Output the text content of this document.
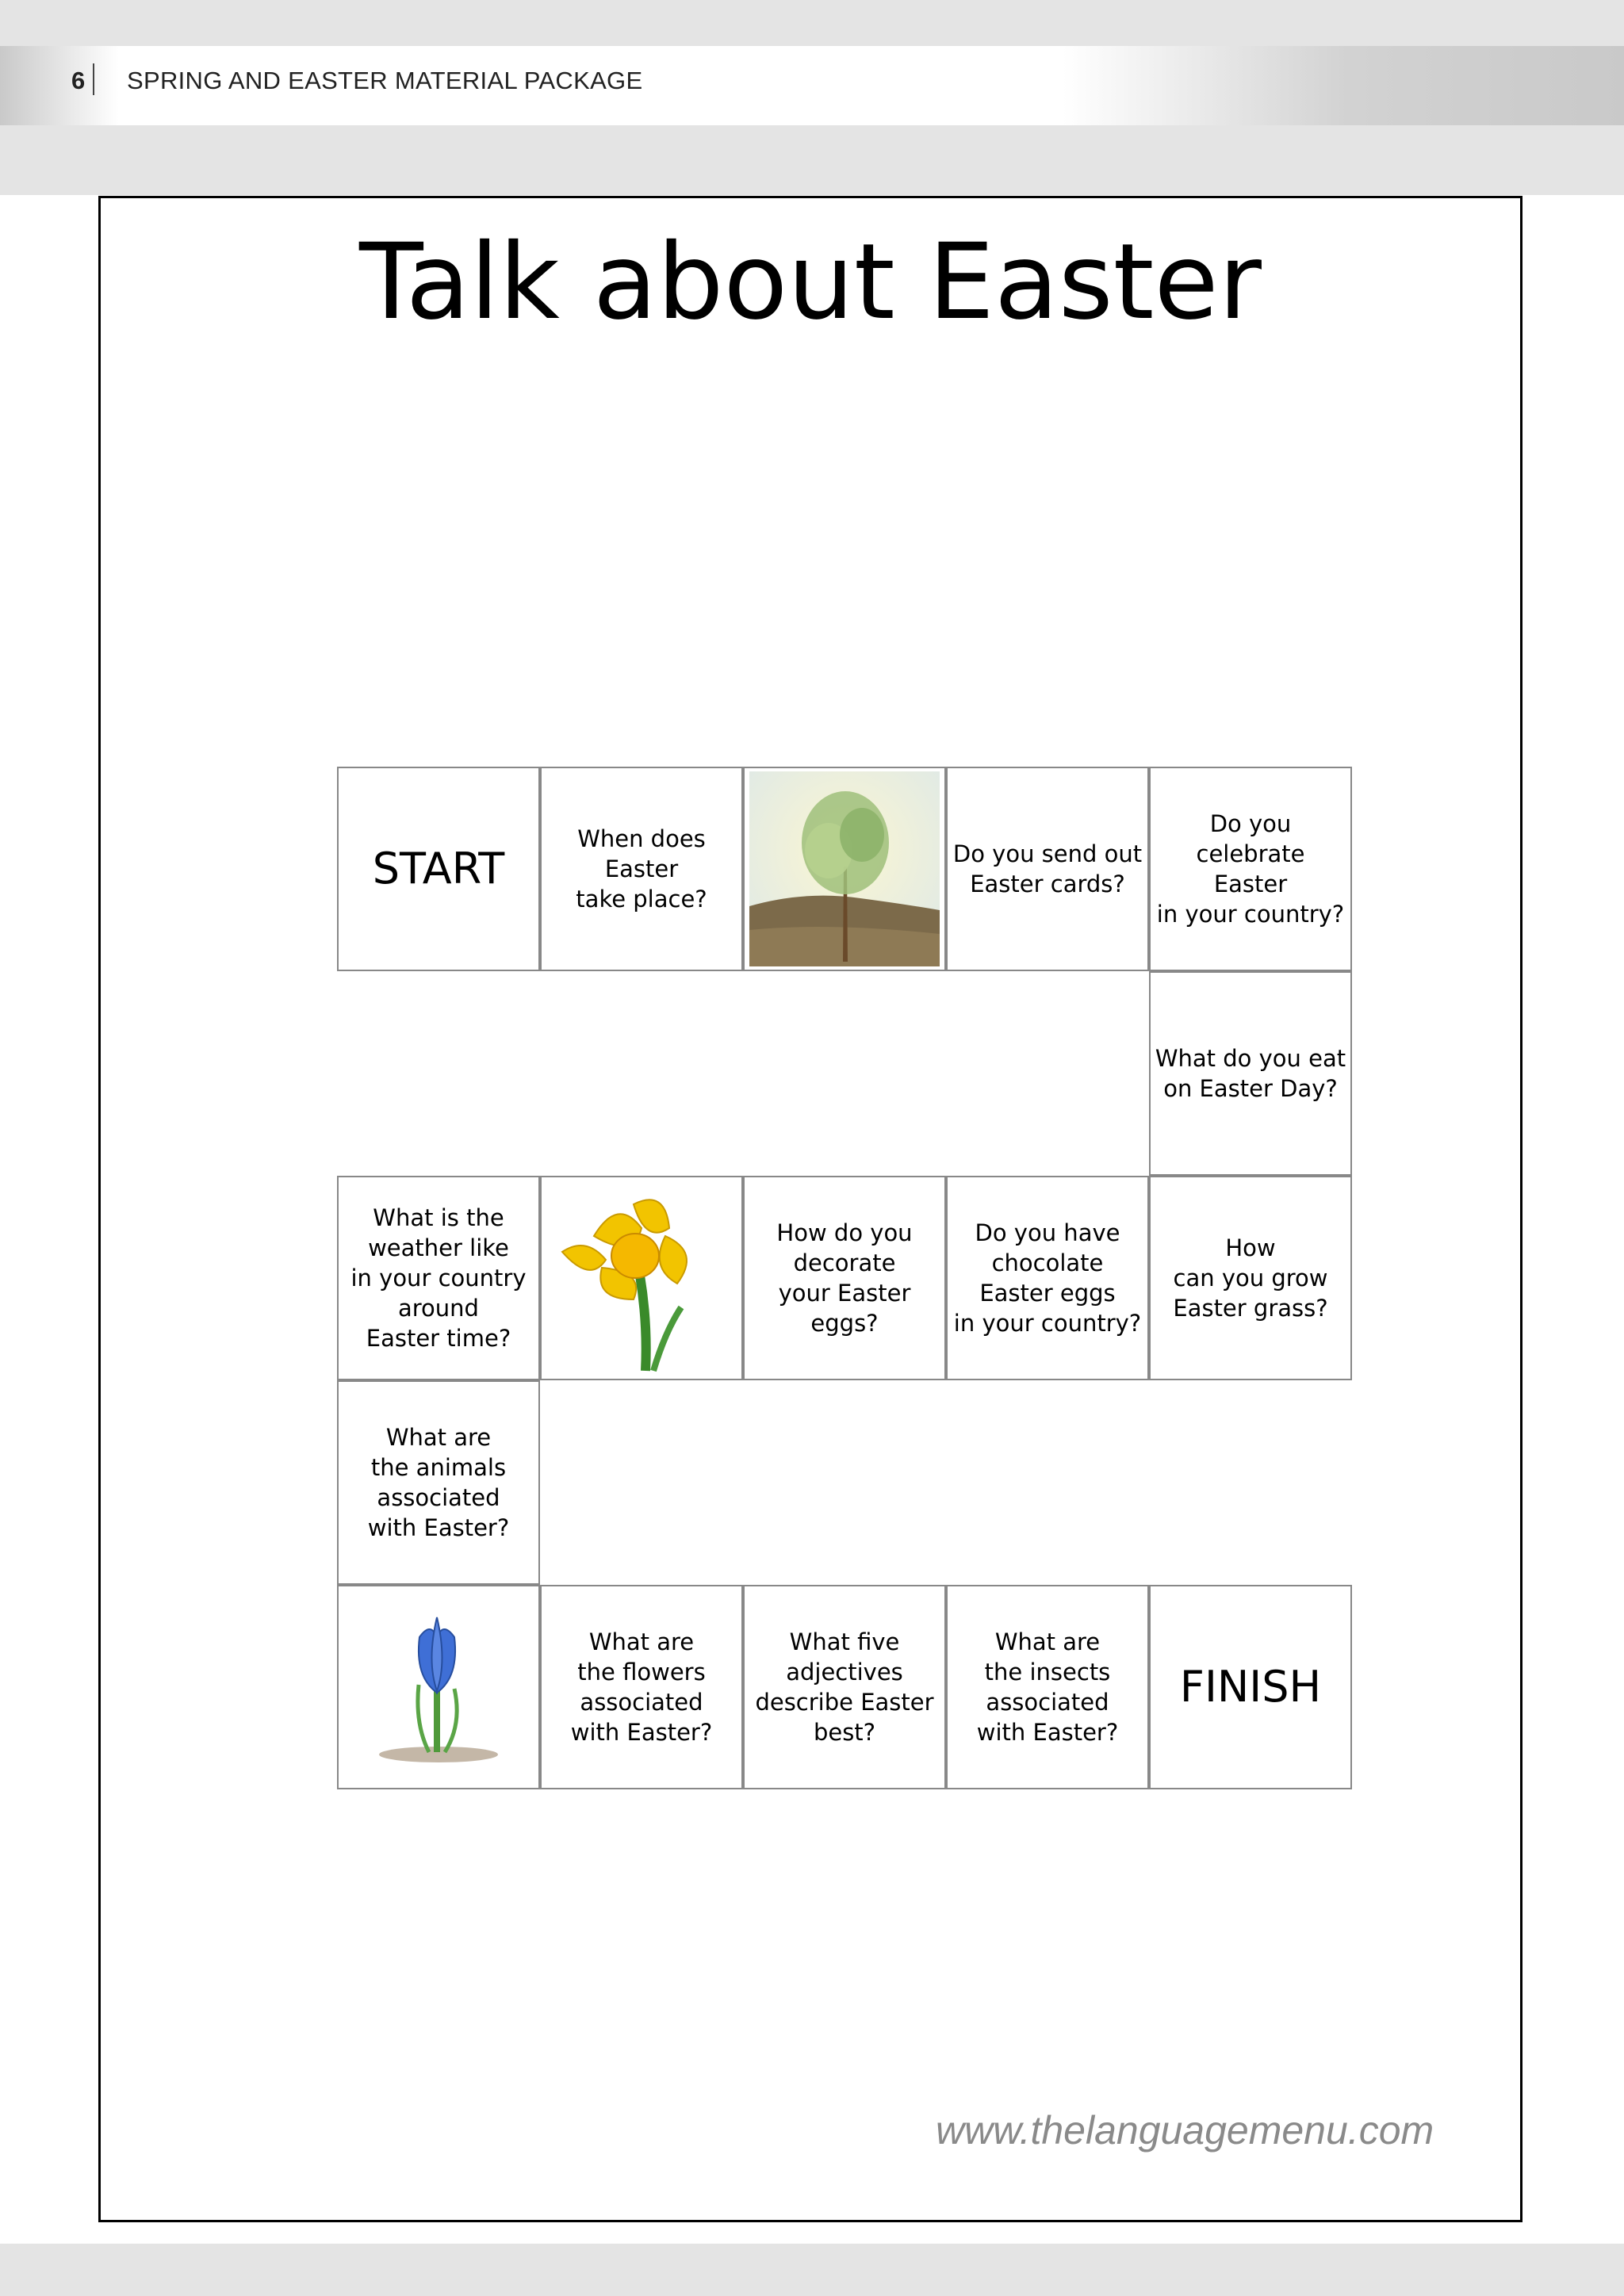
6 SPRING AND EASTER MATERIAL PACKAGE
Talk about Easter
START
When does Easter
take place?
Do you send out
Easter cards?
Do you celebrate
Easter
in your country?
What do you eat
on Easter Day?
What is the
weather like
in your country
around
Easter time?
How do you
decorate
your Easter eggs?
Do you have
chocolate
Easter eggs
in your country?
How
can you grow
Easter grass?
What are
the animals
associated
with Easter?
What are
the flowers
associated
with Easter?
What five
adjectives
describe Easter
best?
What are
the insects
associated
with Easter?
FINISH
www.thelanguagemenu.com
